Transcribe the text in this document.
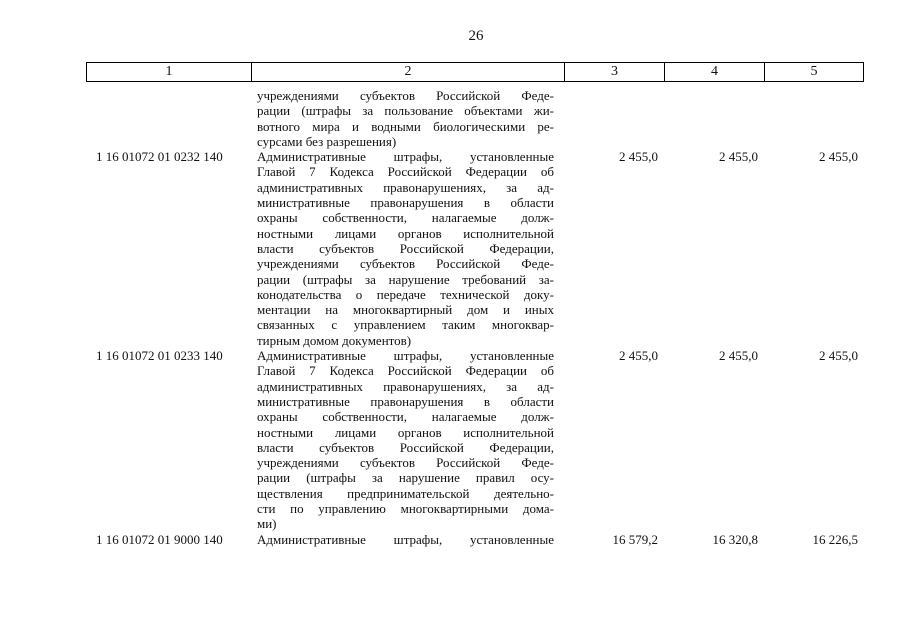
26
1	2	3	4	5
учреждениями субъектов Российской Феде-
рации (штрафы за пользование объектами жи-
вотного мира и водными биологическими ре-
сурсами без разрешения)
1 16 01072 01 0232 140	Административные штрафы, установленные
Главой 7 Кодекса Российской Федерации об
административных правонарушениях, за ад-
министративные правонарушения в области
охраны собственности, налагаемые долж-
ностными лицами органов исполнительной
власти субъектов Российской Федерации,
учреждениями субъектов Российской Феде-
рации (штрафы за нарушение требований за-
конодательства о передаче технической доку-
ментации на многоквартирный дом и иных
связанных с управлением таким многоквар-
тирным домом документов)
2 455,0	2 455,0	2 455,0
1 16 01072 01 0233 140	Административные штрафы, установленные
Главой 7 Кодекса Российской Федерации об
административных правонарушениях, за ад-
министративные правонарушения в области
охраны собственности, налагаемые долж-
ностными лицами органов исполнительной
власти субъектов Российской Федерации,
учреждениями субъектов Российской Феде-
рации (штрафы за нарушение правил осу-
ществления предпринимательской деятельно-
сти по управлению многоквартирными дома-
ми)
2 455,0	2 455,0	2 455,0
1 16 01072 01 9000 140	Административные штрафы, установленные	16 579,2	16 320,8	16 226,5
